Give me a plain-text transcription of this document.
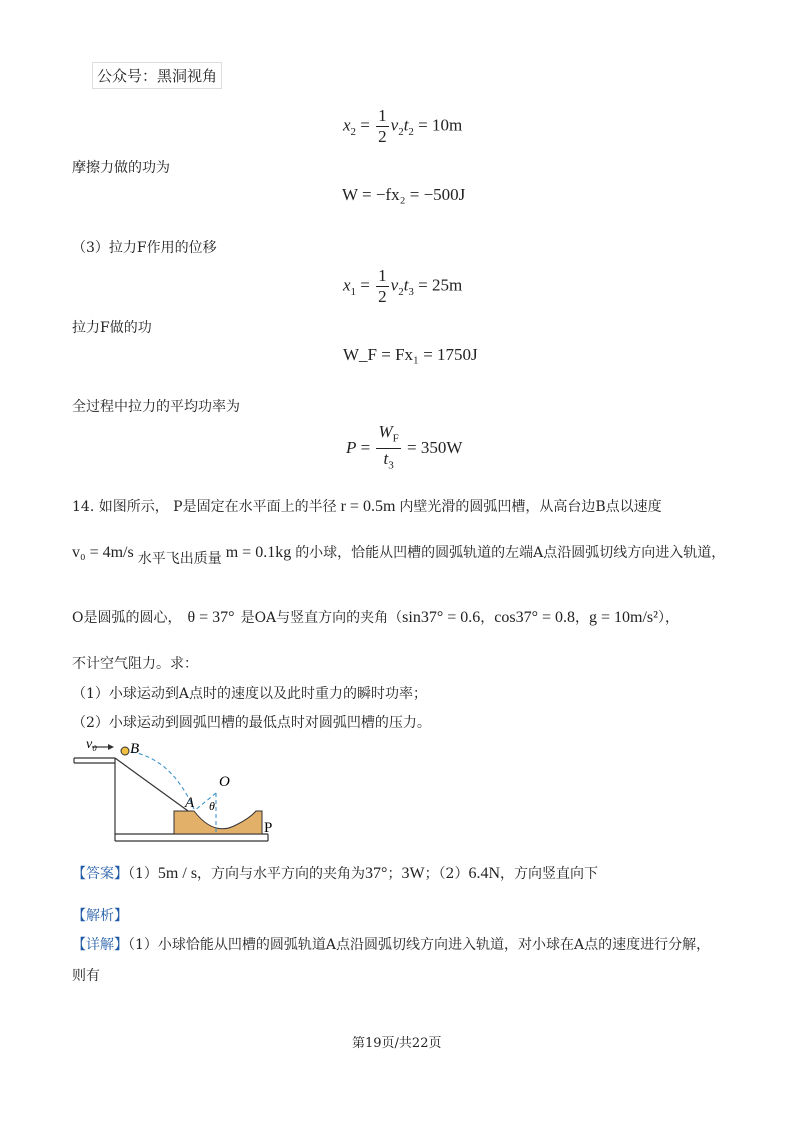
公众号：黑洞视角
$x_2 = \frac{1}{2} v_2t_2 = 10m$
摩擦力做的功为
W = −fx₂ = −500J
（3）拉力F作用的位移
$x_1 = \frac{1}{2} v_2t_3 = 25m$
拉力F做的功
W_F = Fx₁ = 1750J
全过程中拉力的平均功率为
$P = \frac{W_F}{t_3} = 350W$
14. 如图所示， P是固定在水平面上的半径 r = 0.5m 内壁光滑的圆弧凹槽，从高台边B点以速度
v₀ = 4m/s 水平飞出质量 m = 0.1kg 的小球，恰能从凹槽的圆弧轨道的左端A点沿圆弧切线方向进入轨道，
O是圆弧的圆心， θ = 37° 是OA与竖直方向的夹角（sin37° = 0.6，cos37° = 0.8，g = 10m/s²），
不计空气阻力。求：
（1）小球运动到A点时的速度以及此时重力的瞬时功率；
（2）小球运动到圆弧凹槽的最低点时对圆弧凹槽的压力。
v₀ B
O
A θ
P
【答案】（1）5m / s，方向与水平方向的夹角为37°；3W；（2）6.4N，方向竖直向下
【解析】
【详解】（1）小球恰能从凹槽的圆弧轨道A点沿圆弧切线方向进入轨道，对小球在A点的速度进行分解，
则有
第19页/共22页
